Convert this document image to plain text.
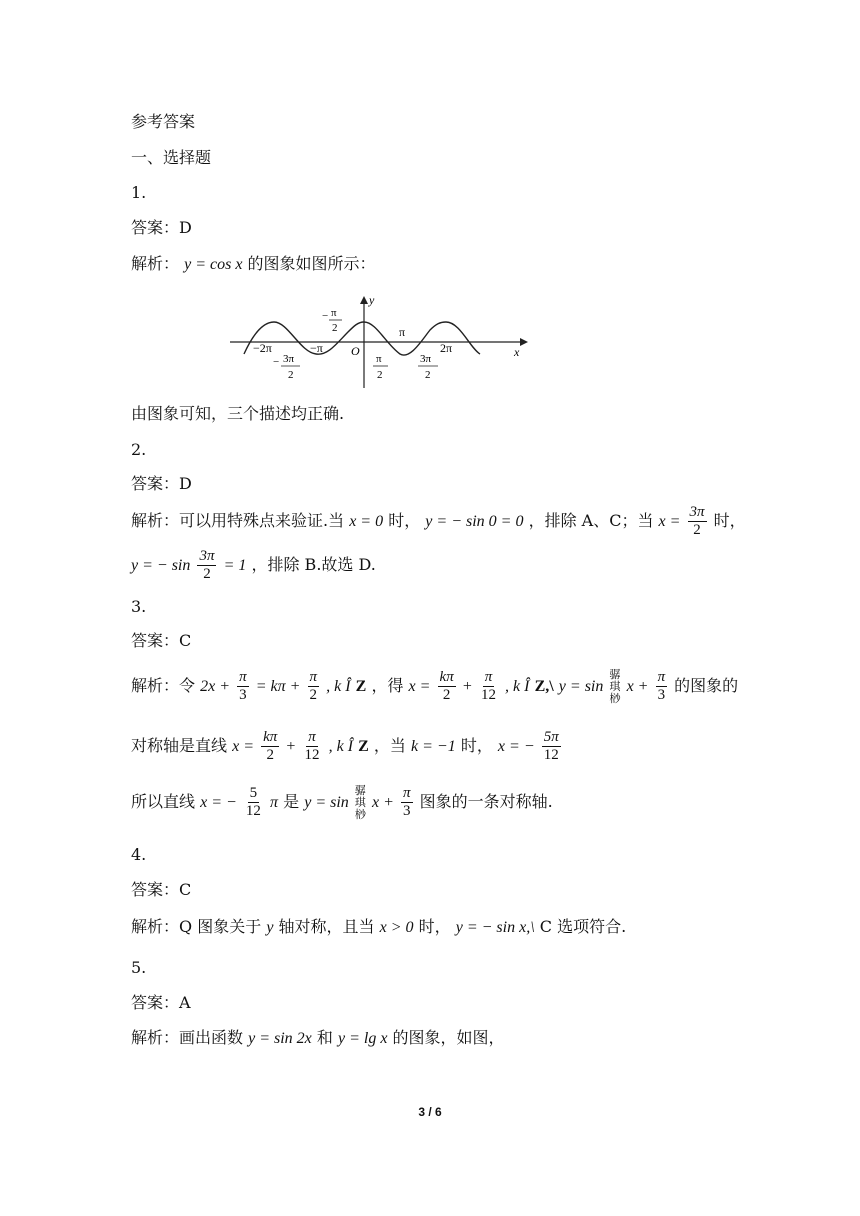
参考答案
一、选择题
1.
答案：D
解析： y = cos x 的图象如图所示：
y
x
O
− π
2	π
−2π	−π
− 3π
2
π
2
3π
2
2π
由图象可知，三个描述均正确.
2.
答案：D
解析：可以用特殊点来验证.当 x = 0 时， y = − sin 0 = 0 ，排除 A、C；当 $x = \frac{3\pi}{2}$ 时，
y = − $\sin \frac{3\pi}{2} = 1$ ，排除 B.故选 D.
3.
答案：C
解析：令 $2x + \frac{\pi}{3} = k\pi + \frac{\pi}{2}$ , k Î Z ，得 $x = \frac{k\pi}{2} + \frac{\pi}{12}$ , k Î Z,\ y = sin
骣
琪
桫
$x + \frac{\pi}{3}$ 的图象的
对称轴是直线 $x = \frac{k\pi}{2} + \frac{\pi}{12}$ , k Î Z ，当 k = −1 时， x = − $\frac{5\pi}{12}$
所以直线 x = − $\frac{5}{12}$ π 是 y = sin
骣
琪
桫
$x + \frac{\pi}{3}$ 图象的一条对称轴.
4.
答案：C
解析：Q 图象关于 y 轴对称，且当 x > 0 时， y = − sin x,\ C 选项符合.
5.
答案：A
解析：画出函数 y = sin 2x 和 y = lg x 的图象，如图，
3 / 6
